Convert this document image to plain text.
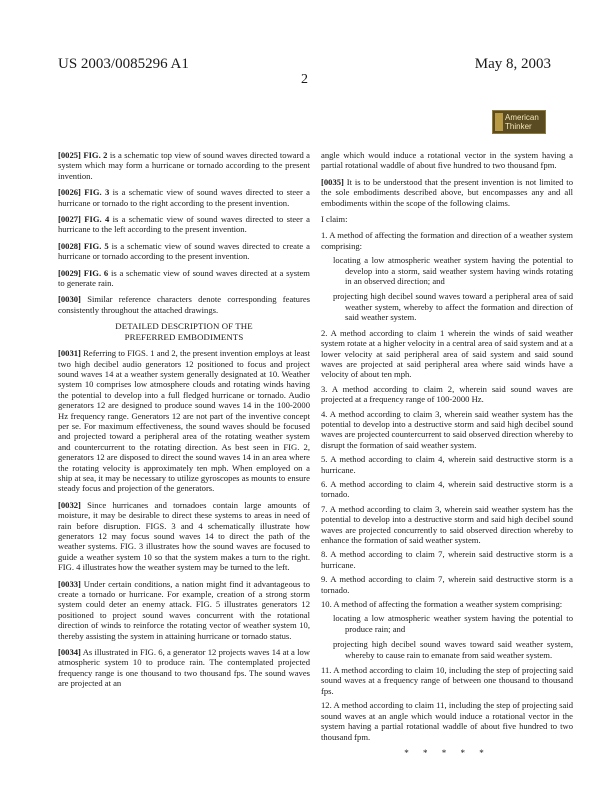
US 2003/0085296 A1	May 8, 2003
2
American
Thinker

[0025] FIG. 2 is a schematic top view of sound waves directed toward a system which may form a hurricane or tornado according to the present invention.

[0026] FIG. 3 is a schematic view of sound waves directed to steer a hurricane or tornado to the right according to the present invention.

[0027] FIG. 4 is a schematic view of sound waves directed to steer a hurricane to the left according to the present invention.

[0028] FIG. 5 is a schematic view of sound waves directed to create a hurricane or tornado according to the present invention.

[0029] FIG. 6 is a schematic view of sound waves directed at a system to generate rain.

[0030] Similar reference characters denote corresponding features consistently throughout the attached drawings.

DETAILED DESCRIPTION OF THE
PREFERRED EMBODIMENTS

[0031] Referring to FIGS. 1 and 2, the present invention employs at least two high decibel audio generators 12 positioned to focus and project sound waves 14 at a weather system generally designated at 10. Weather system 10 comprises low atmosphere clouds and rotating winds having the potential to develop into a full fledged hurricane or tornado. Audio generators 12 are designed to produce sound waves 14 in the 100-2000 Hz frequency range. Generators 12 are not part of the inventive concept per se. For maximum effectiveness, the sound waves should be focused and projected toward a peripheral area of the rotating weather system and countercurrent to the rotating direction. As best seen in FIG. 2, generators 12 are disposed to direct the sound waves 14 in an area where the rotating velocity is approximately ten mph. When employed on a ship at sea, it may be necessary to utilize gyroscopes as mounts to ensure steady focus and projection of the generators.

[0032] Since hurricanes and tornadoes contain large amounts of moisture, it may be desirable to direct these systems to areas in need of rain before disruption. FIGS. 3 and 4 schematically illustrate how generators 12 may focus sound waves 14 to direct the path of the weather systems. FIG. 3 illustrates how the sound waves are focused to guide a weather system 10 so that the system makes a turn to the right. FIG. 4 illustrates how the weather system may be turned to the left.

[0033] Under certain conditions, a nation might find it advantageous to create a tornado or hurricane. For example, creation of a strong storm system could deter an enemy attack. FIG. 5 illustrates generators 12 positioned to project sound waves concurrent with the rotational direction of winds to reinforce the rotating vector of weather system 10, thereby assisting the system in attaining hurricane or tornado status.

[0034] As illustrated in FIG. 6, a generator 12 projects waves 14 at a low atmospheric system 10 to produce rain. The contemplated projected frequency range is one thousand to two thousand fps. The sound waves are projected at an

angle which would induce a rotational vector in the system having a partial rotational waddle of about five hundred to two thousand fpm.

[0035] It is to be understood that the present invention is not limited to the sole embodiments described above, but encompasses any and all embodiments within the scope of the following claims.

I claim:

1. A method of affecting the formation and direction of a weather system comprising:

locating a low atmospheric weather system having the potential to develop into a storm, said weather system having winds rotating in an observed direction; and

projecting high decibel sound waves toward a peripheral area of said weather system, whereby to affect the formation and direction of said weather system.

2. A method according to claim 1 wherein the winds of said weather system rotate at a higher velocity in a central area of said system and at a lower velocity at said peripheral area of said system and said sound waves are projected at said peripheral area where said winds have a velocity of about ten mph.

3. A method according to claim 2, wherein said sound waves are projected at a frequency range of 100-2000 Hz.

4. A method according to claim 3, wherein said weather system has the potential to develop into a destructive storm and said high decibel sound waves are projected countercurrent to said observed direction whereby to disrupt the formation of said weather system.

5. A method according to claim 4, wherein said destructive storm is a hurricane.

6. A method according to claim 4, wherein said destructive storm is a tornado.

7. A method according to claim 3, wherein said weather system has the potential to develop into a destructive storm and said high decibel sound waves are projected concurrently to said observed direction whereby to enhance the formation of said weather system.

8. A method according to claim 7, wherein said destructive storm is a hurricane.

9. A method according to claim 7, wherein said destructive storm is a tornado.

10. A method of affecting the formation a weather system comprising:

locating a low atmospheric weather system having the potential to produce rain; and

projecting high decibel sound waves toward said weather system, whereby to cause rain to emanate from said weather system.

11. A method according to claim 10, including the step of projecting said sound waves at a frequency range of between one thousand to thousand fps.

12. A method according to claim 11, including the step of projecting said sound waves at an angle which would induce a rotational vector in the system having a partial rotational waddle of about five hundred to two thousand fpm.

* * * * *
